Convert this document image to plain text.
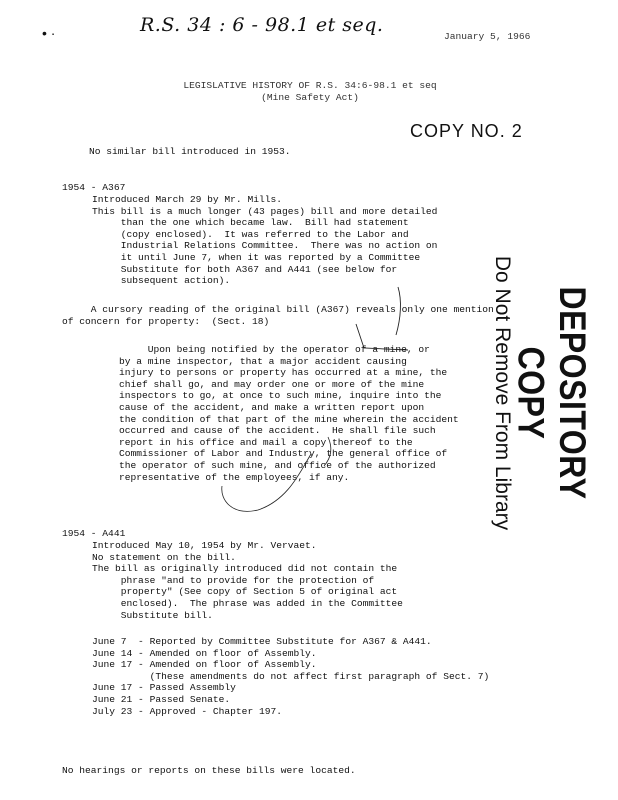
• ·	R.S. 34 : 6 - 98.1 et seq.
January 5, 1966
LEGISLATIVE HISTORY OF R.S. 34:6-98.1 et seq
(Mine Safety Act)
COPY NO. 2
No similar bill introduced in 1953.
1954 - A367
Introduced March 29 by Mr. Mills.
This bill is a much longer (43 pages) bill and more detailed
than the one which became law.  Bill had statement
(copy enclosed).  It was referred to the Labor and
Industrial Relations Committee.  There was no action on
it until June 7, when it was reported by a Committee
Substitute for both A367 and A441 (see below for
subsequent action).
A cursory reading of the original bill (A367) reveals only one mention
of concern for property:  (Sect. 18)
Upon being notified by the operator of a mine, or
by a mine inspector, that a major accident causing
injury to persons or property has occurred at a mine, the
chief shall go, and may order one or more of the mine
inspectors to go, at once to such mine, inquire into the
cause of the accident, and make a written report upon
the condition of that part of the mine wherein the accident
occurred and cause of the accident.  He shall file such
report in his office and mail a copy thereof to the
Commissioner of Labor and Industry, the general office of
the operator of such mine, and office of the authorized
representative of the employees, if any.
1954 - A441
Introduced May 10, 1954 by Mr. Vervaet.
No statement on the bill.
The bill as originally introduced did not contain the
phrase "and to provide for the protection of
property" (See copy of Section 5 of original act
enclosed).  The phrase was added in the Committee
Substitute bill.
June 7  - Reported by Committee Substitute for A367 & A441.
June 14 - Amended on floor of Assembly.
June 17 - Amended on floor of Assembly.
(These amendments do not affect first paragraph of Sect. 7)
June 17 - Passed Assembly
June 21 - Passed Senate.
July 23 - Approved - Chapter 197.
No hearings or reports on these bills were located.
DEPOSITORY COPY
Do Not Remove From Library
